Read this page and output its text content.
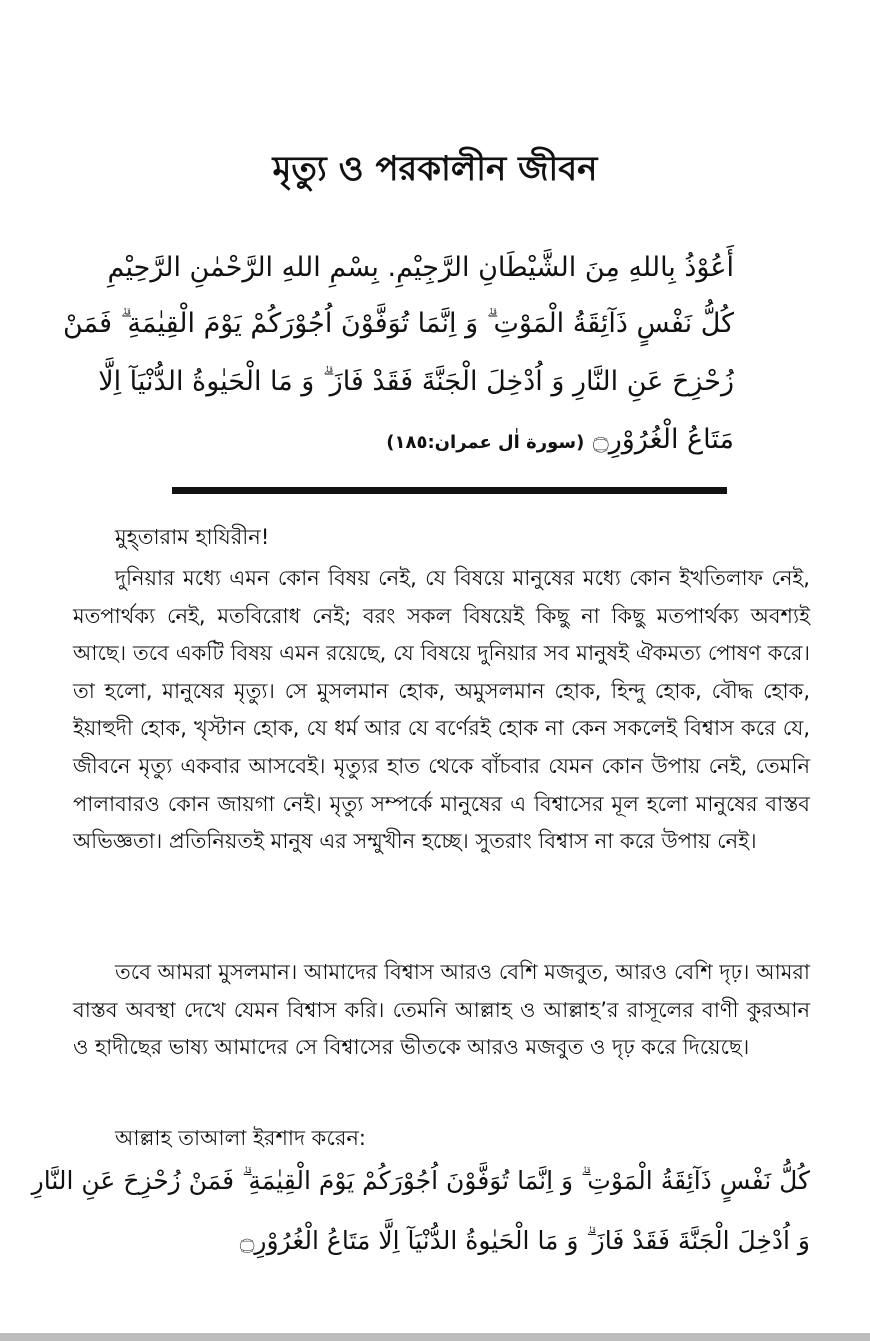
মৃত্যু ও পরকালীন জীবন
أَعُوْذُ بِاللهِ مِنَ الشَّيْطَانِ الرَّجِيْمِ. بِسْمِ اللهِ الرَّحْمٰنِ الرَّحِيْمِ
كُلُّ نَفْسٍ ذَآئِقَةُ الْمَوْتِ ۗ وَ اِنَّمَا تُوَفَّوْنَ اُجُوْرَكُمْ يَوْمَ الْقِيٰمَةِ ۗ فَمَنْ
زُحْزِحَ عَنِ النَّارِ وَ اُدْخِلَ الْجَنَّةَ فَقَدْ فَازَ ۗ وَ مَا الْحَيٰوةُ الدُّنْيَآ اِلَّا
مَتَاعُ الْغُرُوْرِ۝ (سورة اٰل عمران:١٨٥)
মুহ্তারাম হাযিরীন!

দুনিয়ার মধ্যে এমন কোন বিষয় নেই, যে বিষয়ে মানুষের মধ্যে কোন ইখতিলাফ নেই, মতপার্থক্য নেই, মতবিরোধ নেই; বরং সকল বিষয়েই কিছু না কিছু মতপার্থক্য অবশ্যই আছে। তবে একটি বিষয় এমন রয়েছে, যে বিষয়ে দুনিয়ার সব মানুষই ঐকমত্য পোষণ করে। তা হলো, মানুষের মৃত্যু। সে মুসলমান হোক, অমুসলমান হোক, হিন্দু হোক, বৌদ্ধ হোক, ইয়াহুদী হোক, খৃস্টান হোক, যে ধর্ম আর যে বর্ণেরই হোক না কেন সকলেই বিশ্বাস করে যে, জীবনে মৃত্যু একবার আসবেই। মৃত্যুর হাত থেকে বাঁচবার যেমন কোন উপায় নেই, তেমনি পালাবারও কোন জায়গা নেই। মৃত্যু সম্পর্কে মানুষের এ বিশ্বাসের মূল হলো মানুষের বাস্তব অভিজ্ঞতা। প্রতিনিয়তই মানুষ এর সম্মুখীন হচ্ছে। সুতরাং বিশ্বাস না করে উপায় নেই।

তবে আমরা মুসলমান। আমাদের বিশ্বাস আরও বেশি মজবুত, আরও বেশি দৃঢ়। আমরা বাস্তব অবস্থা দেখে যেমন বিশ্বাস করি। তেমনি আল্লাহ ও আল্লাহ’র রাসূলের বাণী কুরআন ও হাদীছের ভাষ্য আমাদের সে বিশ্বাসের ভীতকে আরও মজবুত ও দৃঢ় করে দিয়েছে।

আল্লাহ তাআলা ইরশাদ করেন:
كُلُّ نَفْسٍ ذَآئِقَةُ الْمَوْتِ ۗ وَ اِنَّمَا تُوَفَّوْنَ اُجُوْرَكُمْ يَوْمَ الْقِيٰمَةِ ۗ فَمَنْ زُحْزِحَ عَنِ النَّارِ
وَ اُدْخِلَ الْجَنَّةَ فَقَدْ فَازَ ۗ وَ مَا الْحَيٰوةُ الدُّنْيَآ اِلَّا مَتَاعُ الْغُرُوْرِ۝
